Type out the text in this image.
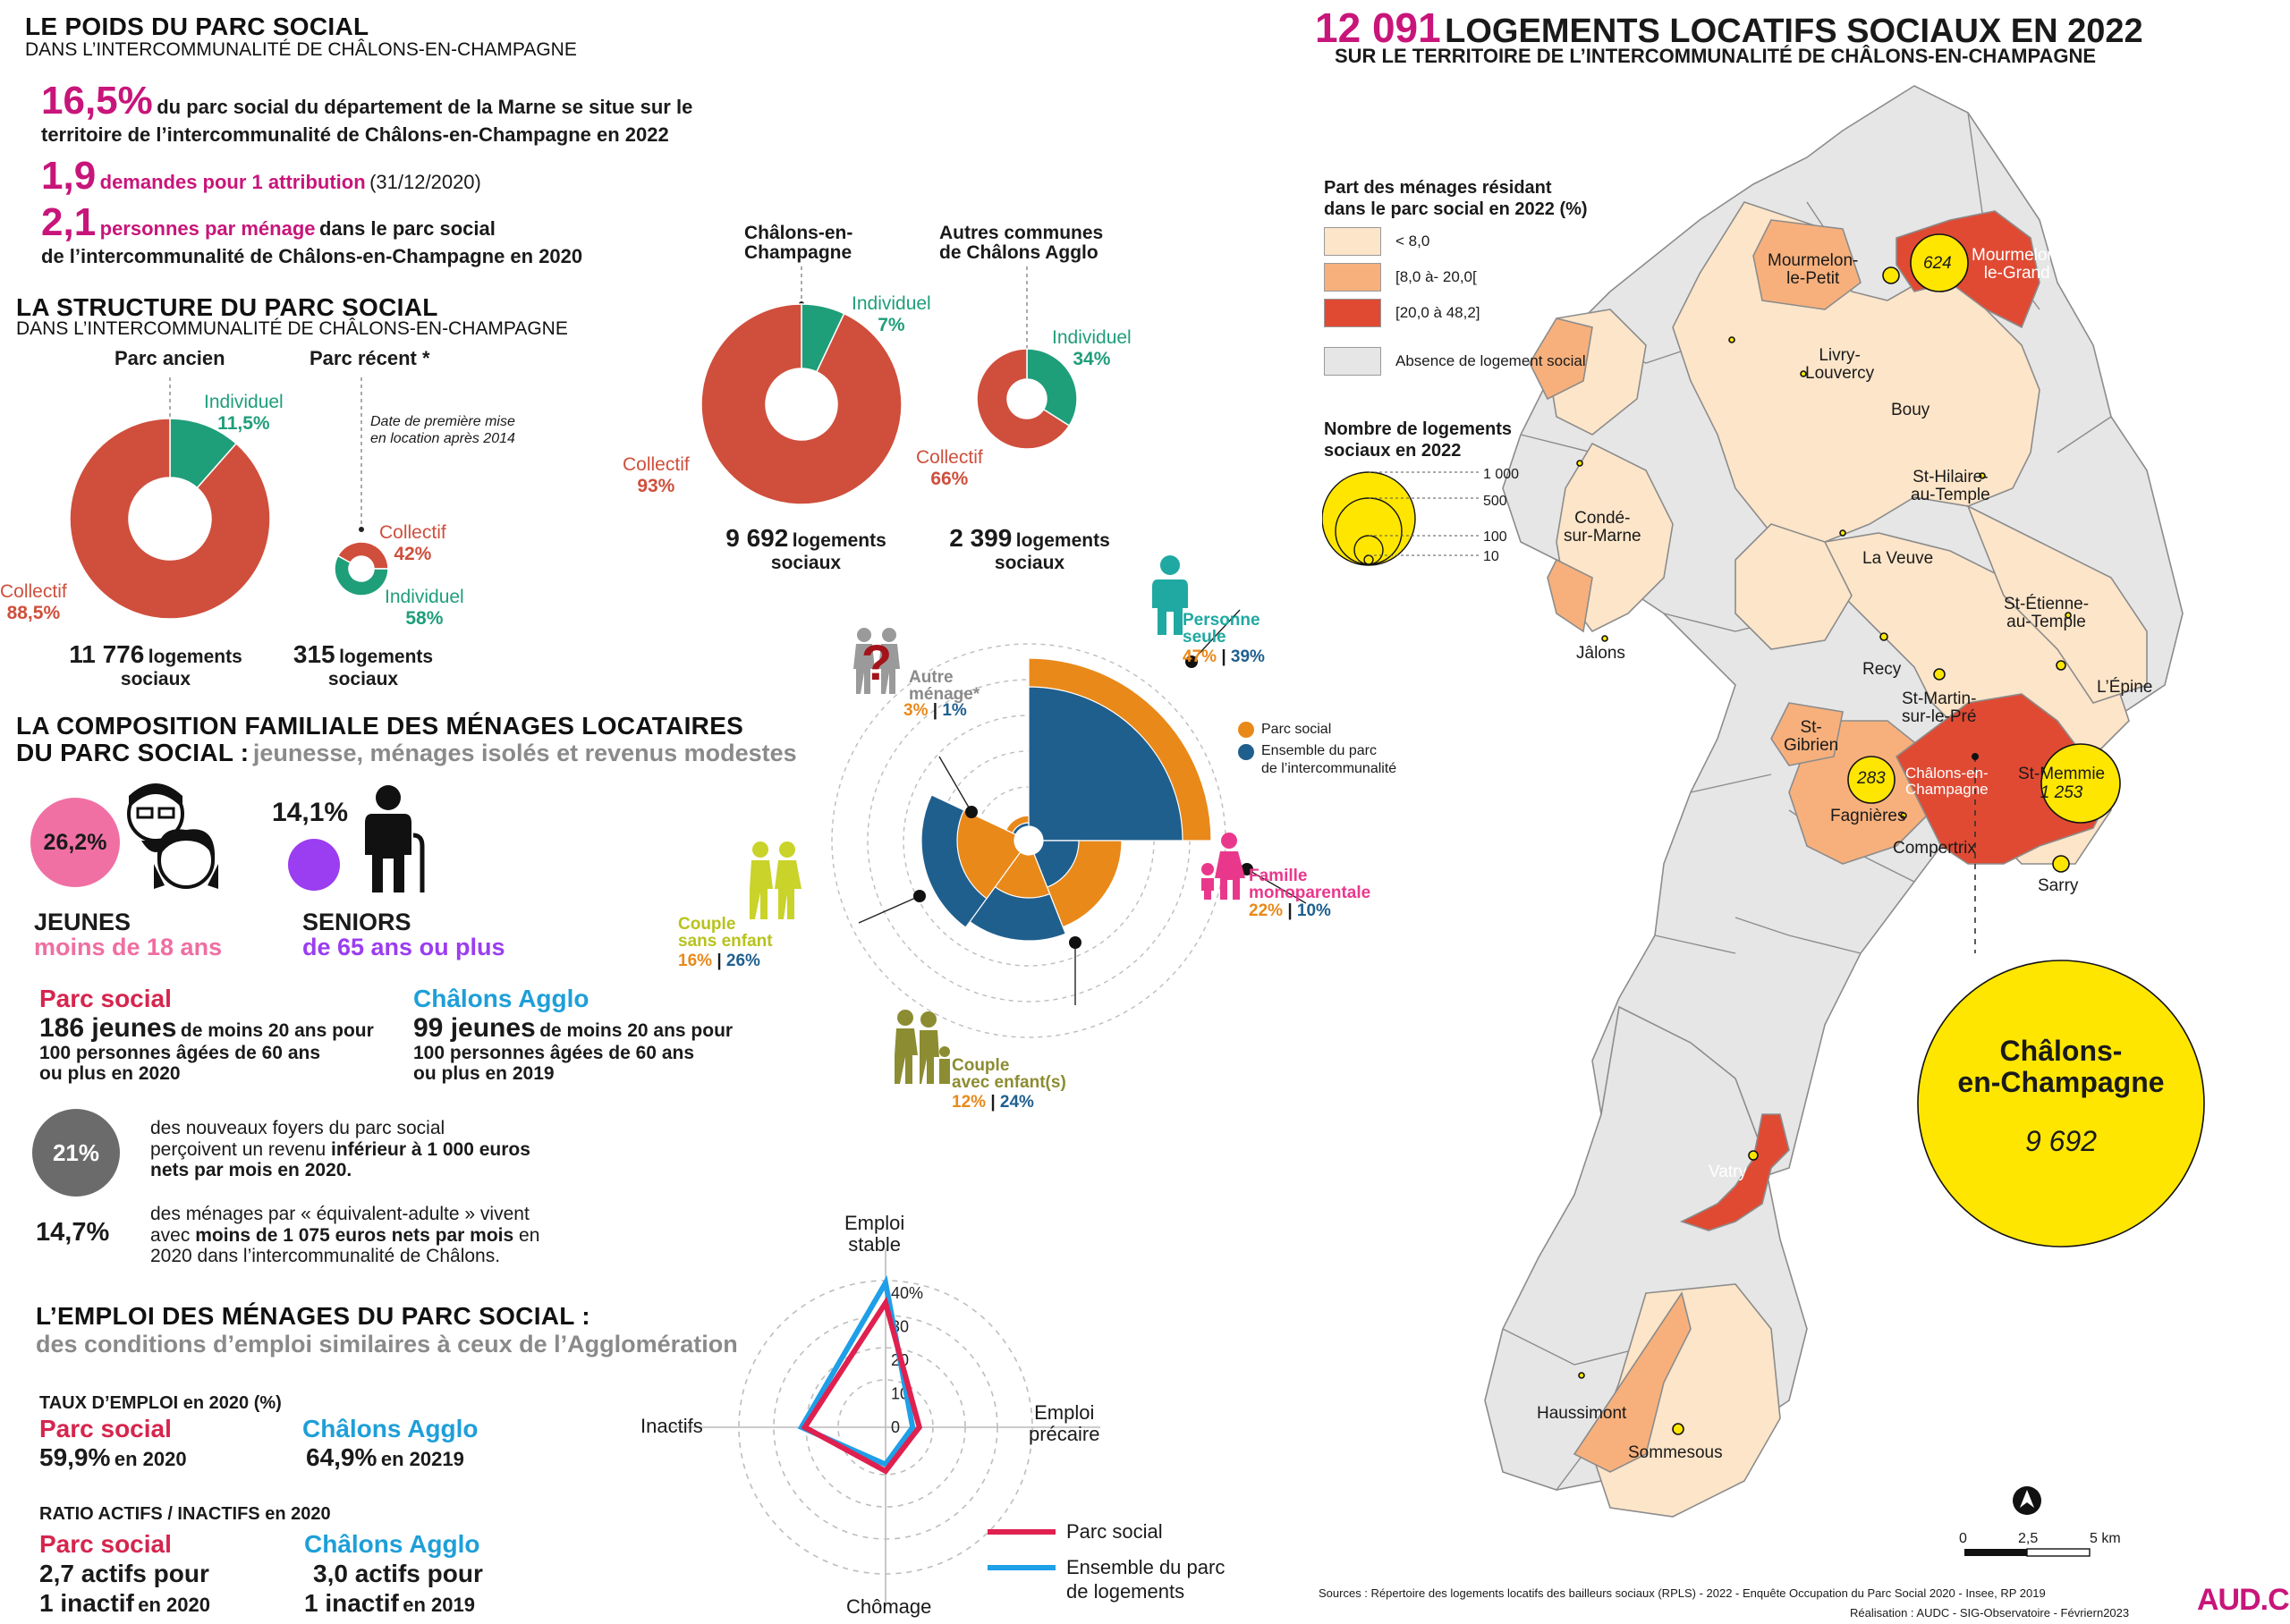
LE POIDS DU PARC SOCIAL
DANS L’INTERCOMMUNALITÉ DE CHÂLONS-EN-CHAMPAGNE
16,5% du parc social du département de la Marne se situe sur le
territoire de l’intercommunalité de Châlons-en-Champagne en 2022
1,9 demandes pour 1 attribution (31/12/2020)
2,1 personnes par ménage dans le parc social
de l’intercommunalité de Châlons-en-Champagne en 2020
LA STRUCTURE DU PARC SOCIAL
DANS L’INTERCOMMUNALITÉ DE CHÂLONS-EN-CHAMPAGNE
Parc ancien	Parc récent *
Date de première mise
en location après 2014
Individuel
11,5%
Collectif
88,5%
Collectif
42%
Individuel
58%
11 776 logements
sociaux
315 logements
sociaux
Châlons-en-
Champagne
Autres communes
de Châlons Agglo
Individuel
7%
Collectif
93%
Individuel
34%
Collectif
66%
9 692 logements
sociaux
2 399 logements
sociaux
LA COMPOSITION FAMILIALE DES MÉNAGES LOCATAIRES
DU PARC SOCIAL : jeunesse, ménages isolés et revenus modestes
26,2%
JEUNES
moins de 18 ans
14,1%
SENIORS
de 65 ans ou plus
Parc social
186 jeunes de moins 20 ans pour
100 personnes âgées de 60 ans
ou plus en 2020
Châlons Agglo
99 jeunes de moins 20 ans pour
100 personnes âgées de 60 ans
ou plus en 2019
21%
des nouveaux foyers du parc social
perçoivent un revenu inférieur à 1 000 euros
nets par mois en 2020.
14,7%
des ménages par « équivalent-adulte » vivent
avec moins de 1 075 euros nets par mois en
2020 dans l’intercommunalité de Châlons.
L’EMPLOI DES MÉNAGES DU PARC SOCIAL :
des conditions d’emploi similaires à ceux de l’Agglomération
TAUX D’EMPLOI en 2020 (%)
Parc social
59,9% en 2020
Châlons Agglo
64,9% en 20219
RATIO ACTIFS / INACTIFS en 2020
Parc social
2,7 actifs pour
1 inactif en 2020
Châlons Agglo
3,0 actifs pour
1 inactif en 2019
Parc social
Ensemble du parc
de l’intercommunalité
Personne
seule
47% | 39%
Famille
monoparentale
22% | 10%
Couple
avec enfant(s)
12% | 24%
Couple
sans enfant
16% | 26%
? Autre
ménage*
3% | 1%
40%
30
20
10
0
Emploi
stable
Emploi
précaire
Chômage
Inactifs
Parc social
Ensemble du parc
de logements
12 091 LOGEMENTS LOCATIFS SOCIAUX EN 2022
SUR LE TERRITOIRE DE L’INTERCOMMUNALITÉ DE CHÂLONS-EN-CHAMPAGNE
Part des ménages résidant
dans le parc social en 2022 (%)
< 8,0
[8,0 à- 20,0[
[20,0 à 48,2]
Absence de logement social
Nombre de logements
sociaux en 2022
1 000
500
100
10
Mourmelon-
le-Petit
Mourmelon-
le-Grand
624
Livry-
Louvercy
Bouy
Condé-
sur-Marne
St-Hilaire-
au-Temple
La Veuve
St-Étienne-
au-Temple
Jâlons
Recy
L’Épine
St-Martin-
sur-le-Pré
St-
Gibrien
283
Fagnières
Châlons-en-
Champagne
St-Memmie
1 253
Compertrix
Sarry
Châlons-
en-Champagne
9 692
Vatry
Haussimont
Sommesous
0	2,5	5 km
Sources : Répertoire des logements locatifs des bailleurs sociaux (RPLS) - 2022 - Enquête Occupation du Parc Social 2020 - Insee, RP 2019
Réalisation : AUDC - SIG-Observatoire - Févriern2023 AUD.C
